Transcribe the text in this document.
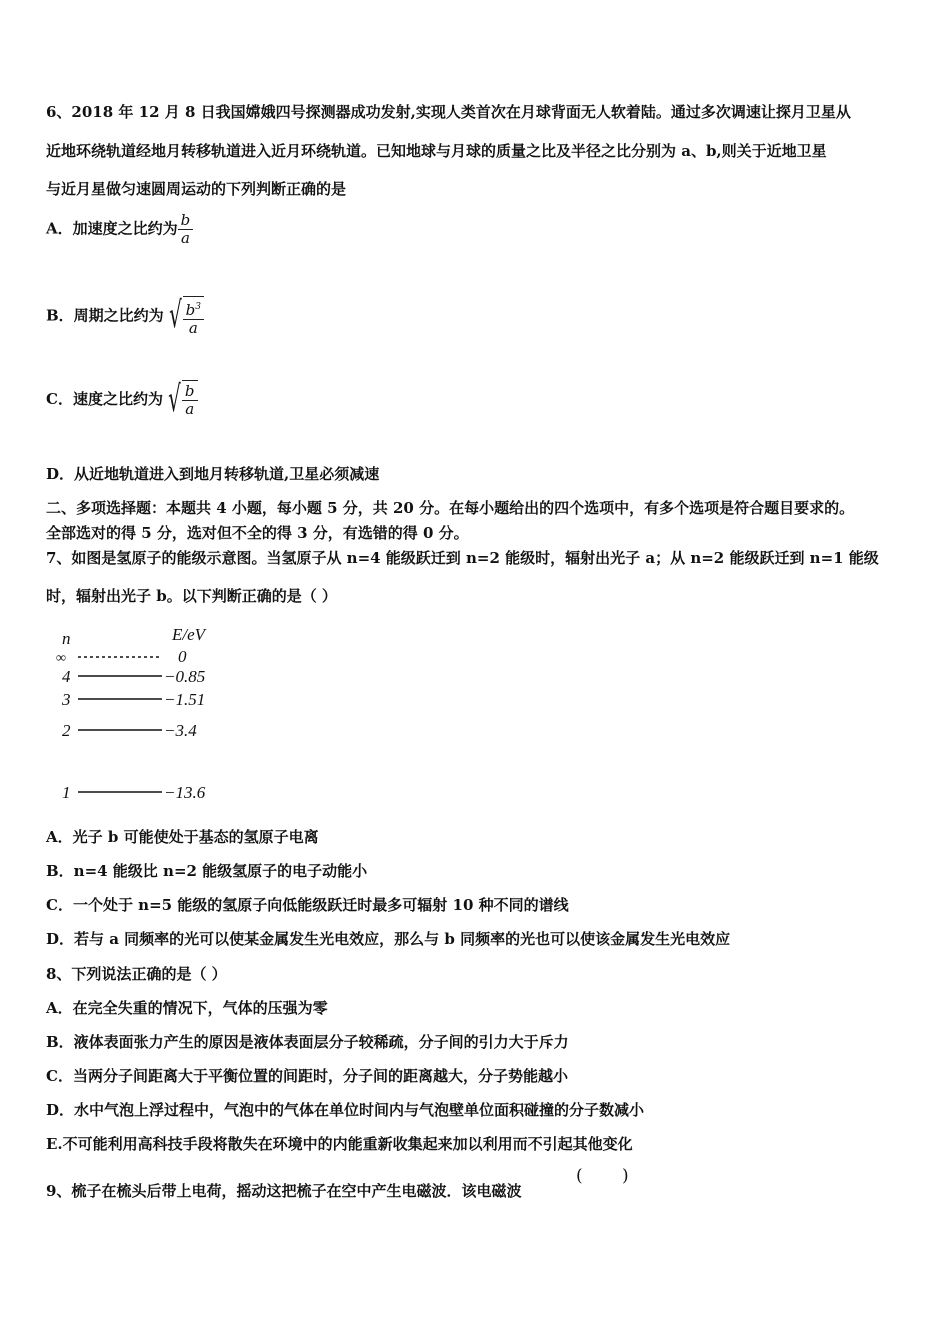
6、2018 年 12 月 8 日我国嫦娥四号探测器成功发射,实现人类首次在月球背面无人软着陆。通过多次调速让探月卫星从
近地环绕轨道经地月转移轨道进入近月环绕轨道。已知地球与月球的质量之比及半径之比分别为 a、b,则关于近地卫星
与近月星做匀速圆周运动的下列判断正确的是
A．加速度之比约为 $\frac{b}{a}$
B．周期之比约为 √ $\frac{b^3}{a}$
C．速度之比约为 √ $\frac{b}{a}$
D．从近地轨道进入到地月转移轨道,卫星必须减速
二、多项选择题：本题共 4 小题，每小题 5 分，共 20 分。在每小题给出的四个选项中，有多个选项是符合题目要求的。
全部选对的得 5 分，选对但不全的得 3 分，有选错的得 0 分。
7、如图是氢原子的能级示意图。当氢原子从 n=4 能级跃迁到 n=2 能级时，辐射出光子 a；从 n=2 能级跃迁到 n=1 能级
时，辐射出光子 b。以下判断正确的是（ ）
n	E/eV
∞	0
4	−0.85
3	−1.51
2	−3.4
1	−13.6
A．光子 b 可能使处于基态的氢原子电离
B．n=4 能级比 n=2 能级氢原子的电子动能小
C．一个处于 n=5 能级的氢原子向低能级跃迁时最多可辐射 10 种不同的谱线
D．若与 a 同频率的光可以使某金属发生光电效应，那么与 b 同频率的光也可以使该金属发生光电效应
8、下列说法正确的是（ ）
A．在完全失重的情况下，气体的压强为零
B．液体表面张力产生的原因是液体表面层分子较稀疏，分子间的引力大于斥力
C．当两分子间距离大于平衡位置的间距时，分子间的距离越大，分子势能越小
D．水中气泡上浮过程中，气泡中的气体在单位时间内与气泡壁单位面积碰撞的分子数减小
E.不可能利用高科技手段将散失在环境中的内能重新收集起来加以利用而不引起其他变化
9、梳子在梳头后带上电荷，摇动这把梳子在空中产生电磁波．该电磁波
( )
